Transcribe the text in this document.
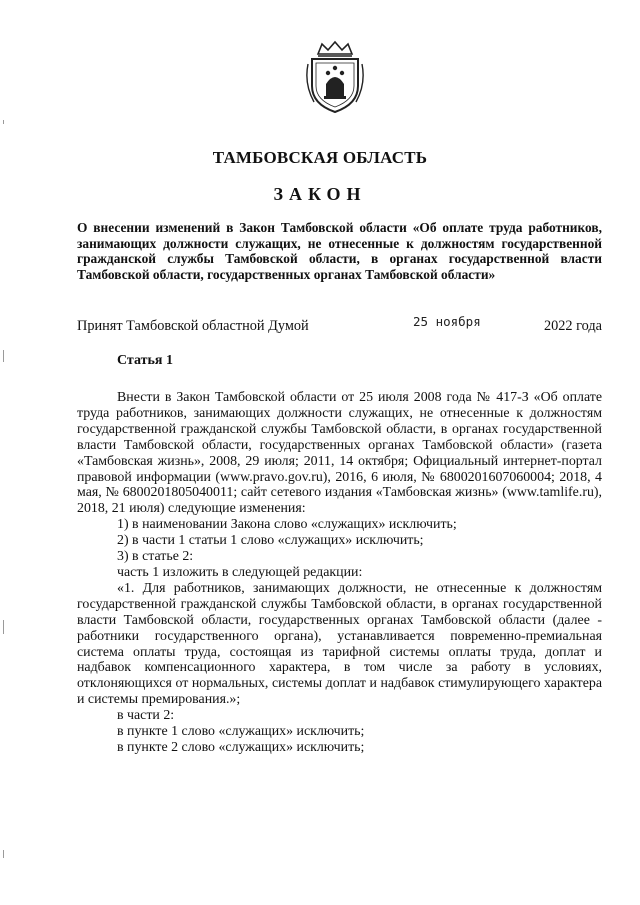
ТАМБОВСКАЯ ОБЛАСТЬ
ЗАКОН
О внесении изменений в Закон Тамбовской области «Об оплате труда работников, занимающих должности служащих, не отнесенные к должностям государственной гражданской службы Тамбовской области, в органах государственной власти Тамбовской области, государственных органах Тамбовской области»
Принят Тамбовской областной Думой	25 ноября	2022 года
Статья 1

Внести в Закон Тамбовской области от 25 июля 2008 года № 417-З «Об оплате труда работников, занимающих должности служащих, не отнесенные к должностям государственной гражданской службы Тамбовской области, в органах государственной власти Тамбовской области, государственных органах Тамбовской области» (газета «Тамбовская жизнь», 2008, 29 июля; 2011, 14 октября; Официальный интернет-портал правовой информации (www.pravo.gov.ru), 2016, 6 июля, № 6800201607060004; 2018, 4 мая, № 6800201805040011; сайт сетевого издания «Тамбовская жизнь» (www.tamlife.ru), 2018, 21 июля) следующие изменения:

1) в наименовании Закона слово «служащих» исключить;

2) в части 1 статьи 1 слово «служащих» исключить;

3) в статье 2:

часть 1 изложить в следующей редакции:

«1. Для работников, занимающих должности, не отнесенные к должностям государственной гражданской службы Тамбовской области, в органах государственной власти Тамбовской области, государственных органах Тамбовской области (далее - работники государственного органа), устанавливается повременно-премиальная система оплаты труда, состоящая из тарифной системы оплаты труда, доплат и надбавок компенсационного характера, в том числе за работу в условиях, отклоняющихся от нормальных, системы доплат и надбавок стимулирующего характера и системы премирования.»;

в части 2:

в пункте 1 слово «служащих» исключить;

в пункте 2 слово «служащих» исключить;
